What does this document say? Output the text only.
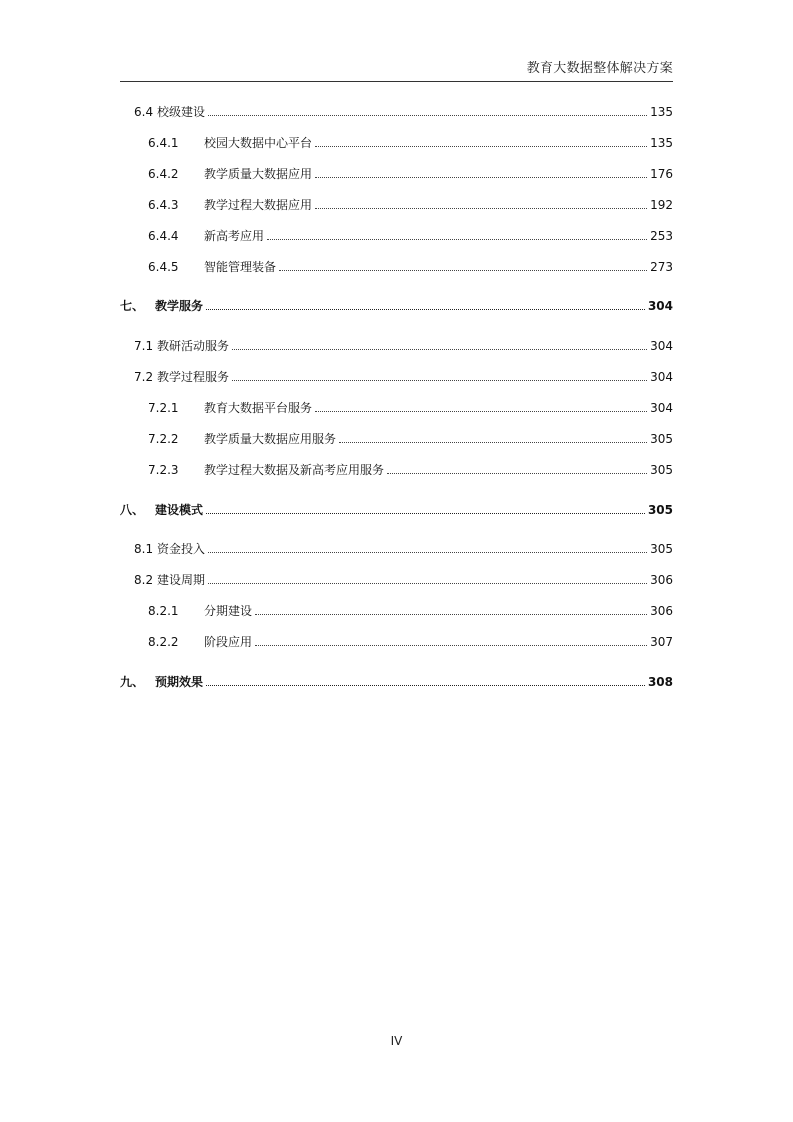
教育大数据整体解决方案
6.4 校级建设	135
6.4.1 校园大数据中心平台	135
6.4.2 教学质量大数据应用	176
6.4.3 教学过程大数据应用	192
6.4.4 新高考应用	253
6.4.5 智能管理装备	273
七、 教学服务	304
7.1 教研活动服务	304
7.2 教学过程服务	304
7.2.1 教育大数据平台服务	304
7.2.2 教学质量大数据应用服务	305
7.2.3 教学过程大数据及新高考应用服务	305
八、 建设模式	305
8.1 资金投入	305
8.2 建设周期	306
8.2.1 分期建设	306
8.2.2 阶段应用	307
九、 预期效果	308
IV
